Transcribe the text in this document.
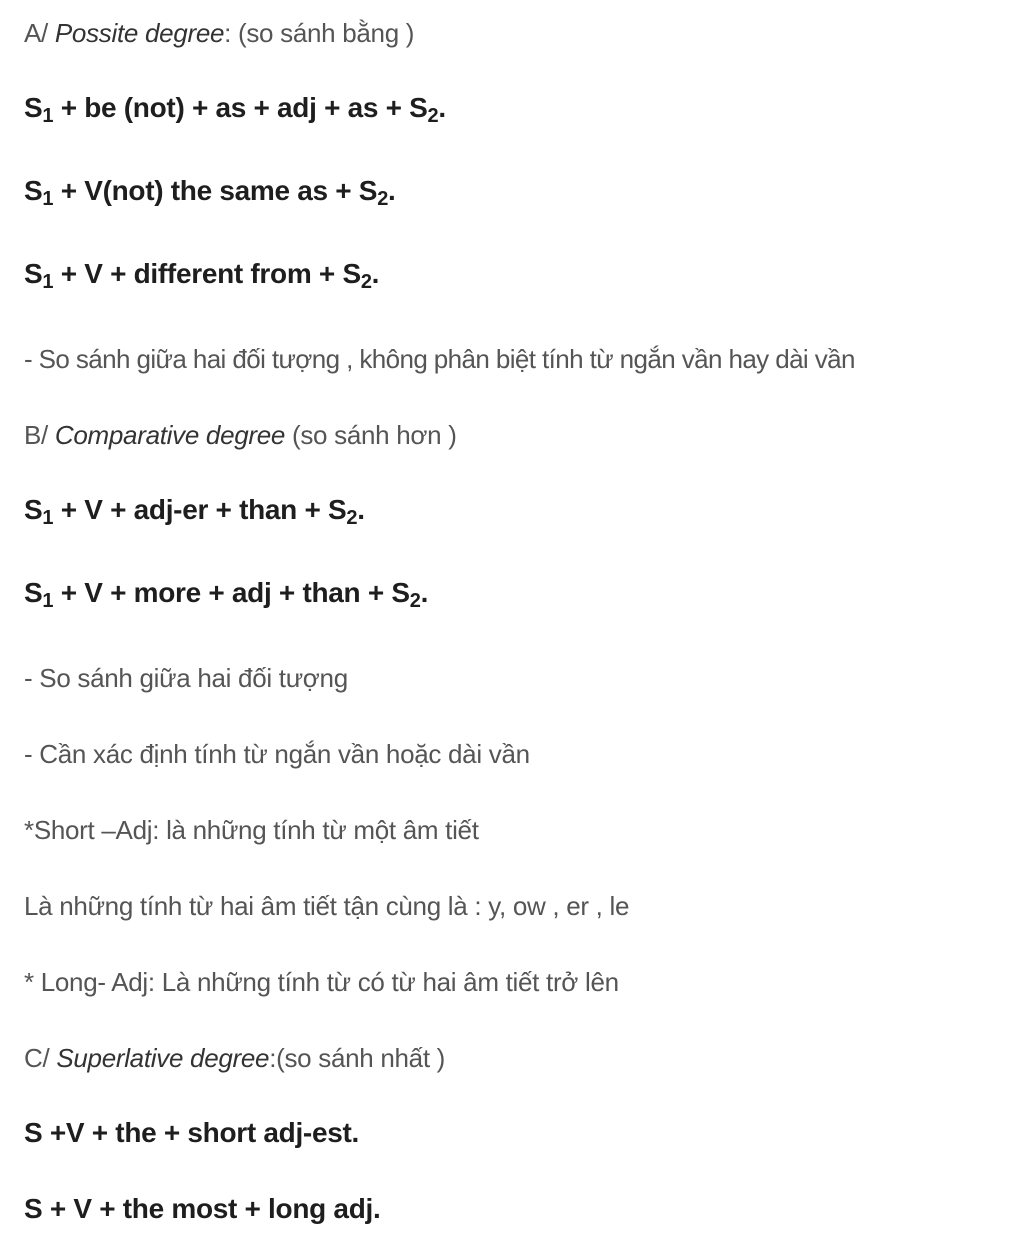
A/ Possite degree: (so sánh bằng )
$S_1$ + be (not) + as + adj + as + $S_2$.
$S_1 + V(not)$ the same as + $S_2$.
$S_1 + V$ + different from + $S_2$.
- So sánh giữa hai đối tượng , không phân biệt tính từ ngắn vần hay dài vần
B/ Comparative degree (so sánh hơn )
$S_1 + V + adj-er$ + than + $S_2$.
$S_1 + V$ + more + adj + than + $S_2$.
- So sánh giữa hai đối tượng
- Cần xác định tính từ ngắn vần hoặc dài vần
*Short –Adj: là những tính từ một âm tiết
Là những tính từ hai âm tiết tận cùng là : y, ow , er , le
* Long- Adj: Là những tính từ có từ hai âm tiết trở lên
C/ Superlative degree:(so sánh nhất )
S +V + the + short adj-est.
S + V + the most + long adj.
